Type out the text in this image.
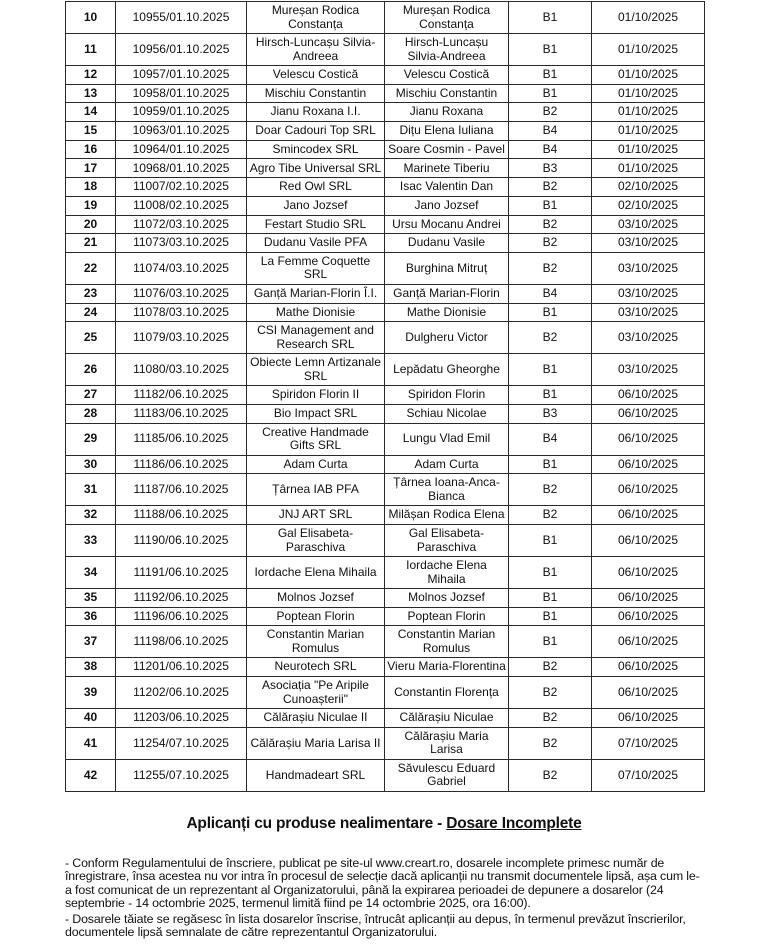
10	10955/01.10.2025	Mureșan Rodica Constanța	Mureșan Rodica Constanța	B1	01/10/2025
11	10956/01.10.2025	Hirsch-Luncașu Silvia-Andreea	Hirsch-Luncașu Silvia-Andreea	B1	01/10/2025
12	10957/01.10.2025	Velescu Costică	Velescu Costică	B1	01/10/2025
13	10958/01.10.2025	Mischiu Constantin	Mischiu Constantin	B1	01/10/2025
14	10959/01.10.2025	Jianu Roxana I.I.	Jianu Roxana	B2	01/10/2025
15	10963/01.10.2025	Doar Cadouri Top SRL	Dițu Elena Iuliana	B4	01/10/2025
16	10964/01.10.2025	Smincodex SRL	Soare Cosmin - Pavel	B4	01/10/2025
17	10968/01.10.2025	Agro Tibe Universal SRL	Marinete Tiberiu	B3	01/10/2025
18	11007/02.10.2025	Red Owl SRL	Isac Valentin Dan	B2	02/10/2025
19	11008/02.10.2025	Jano Jozsef	Jano Jozsef	B1	02/10/2025
20	11072/03.10.2025	Festart Studio SRL	Ursu Mocanu Andrei	B2	03/10/2025
21	11073/03.10.2025	Dudanu Vasile PFA	Dudanu Vasile	B2	03/10/2025
22	11074/03.10.2025	La Femme Coquette SRL	Burghina Mitruț	B2	03/10/2025
23	11076/03.10.2025	Ganță Marian-Florin Î.I.	Ganță Marian-Florin	B4	03/10/2025
24	11078/03.10.2025	Mathe Dionisie	Mathe Dionisie	B1	03/10/2025
25	11079/03.10.2025	CSI Management and Research SRL	Dulgheru Victor	B2	03/10/2025
26	11080/03.10.2025	Obiecte Lemn Artizanale SRL	Lepădatu Gheorghe	B1	03/10/2025
27	11182/06.10.2025	Spiridon Florin II	Spiridon Florin	B1	06/10/2025
28	11183/06.10.2025	Bio Impact SRL	Schiau Nicolae	B3	06/10/2025
29	11185/06.10.2025	Creative Handmade Gifts SRL	Lungu Vlad Emil	B4	06/10/2025
30	11186/06.10.2025	Adam Curta	Adam Curta	B1	06/10/2025
31	11187/06.10.2025	Țârnea IAB PFA	Țârnea Ioana-Anca-Bianca	B2	06/10/2025
32	11188/06.10.2025	JNJ ART SRL	Milășan Rodica Elena	B2	06/10/2025
33	11190/06.10.2025	Gal Elisabeta-Paraschiva	Gal Elisabeta-Paraschiva	B1	06/10/2025
34	11191/06.10.2025	Iordache Elena Mihaila	Iordache Elena Mihaila	B1	06/10/2025
35	11192/06.10.2025	Molnos Jozsef	Molnos Jozsef	B1	06/10/2025
36	11196/06.10.2025	Poptean Florin	Poptean Florin	B1	06/10/2025
37	11198/06.10.2025	Constantin Marian Romulus	Constantin Marian Romulus	B1	06/10/2025
38	11201/06.10.2025	Neurotech SRL	Vieru Maria-Florentina	B2	06/10/2025
39	11202/06.10.2025	Asociația "Pe Aripile Cunoașterii"	Constantin Florența	B2	06/10/2025
40	11203/06.10.2025	Călărașiu Niculae II	Călărașiu Niculae	B2	06/10/2025
41	11254/07.10.2025	Călărașiu Maria Larisa II	Călărașiu Maria Larisa	B2	07/10/2025
42	11255/07.10.2025	Handmadeart SRL	Săvulescu Eduard Gabriel	B2	07/10/2025
Aplicanți cu produse nealimentare - Dosare Incomplete

- Conform Regulamentului de înscriere, publicat pe site-ul www.creart.ro, dosarele incomplete primesc număr de înregistrare, însa acestea nu vor intra în procesul de selecție dacă aplicanții nu transmit documentele lipsă, așa cum le-a fost comunicat de un reprezentant al Organizatorului, până la expirarea perioadei de depunere a dosarelor (24 septembrie - 14 octombrie 2025, termenul limită fiind pe 14 octombrie 2025, ora 16:00).

- Dosarele tăiate se regăsesc în lista dosarelor înscrise, întrucât aplicanții au depus, în termenul prevăzut înscrierilor, documentele lipsă semnalate de către reprezentantul Organizatorului.
